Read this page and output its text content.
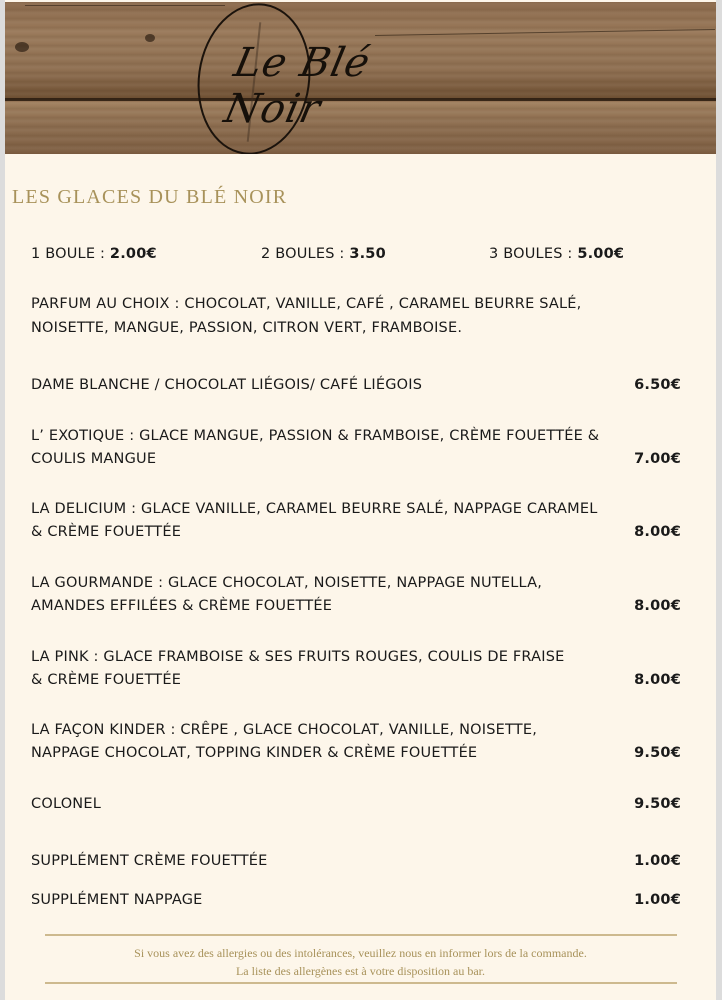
Le Blé Noir
LES GLACES DU BLÉ NOIR
1 BOULE : 2.00€	2 BOULES : 3.50	3 BOULES : 5.00€
PARFUM AU CHOIX : CHOCOLAT, VANILLE, CAFÉ , CARAMEL BEURRE SALÉ,
NOISETTE, MANGUE, PASSION, CITRON VERT, FRAMBOISE.
DAME BLANCHE / CHOCOLAT LIÉGOIS/ CAFÉ LIÉGOIS	6.50€
L’ EXOTIQUE : GLACE MANGUE, PASSION & FRAMBOISE, CRÈME FOUETTÉE &
COULIS MANGUE	7.00€
LA DELICIUM : GLACE VANILLE, CARAMEL BEURRE SALÉ, NAPPAGE CARAMEL
& CRÈME FOUETTÉE	8.00€
LA GOURMANDE : GLACE CHOCOLAT, NOISETTE, NAPPAGE NUTELLA,
AMANDES EFFILÉES & CRÈME FOUETTÉE	8.00€
LA PINK : GLACE FRAMBOISE & SES FRUITS ROUGES, COULIS DE FRAISE
& CRÈME FOUETTÉE	8.00€
LA FAÇON KINDER : CRÊPE , GLACE CHOCOLAT, VANILLE, NOISETTE,
NAPPAGE CHOCOLAT, TOPPING KINDER & CRÈME FOUETTÉE	9.50€
COLONEL	9.50€
SUPPLÉMENT CRÈME FOUETTÉE	1.00€
SUPPLÉMENT NAPPAGE	1.00€
Si vous avez des allergies ou des intolérances, veuillez nous en informer lors de la commande.
La liste des allergènes est à votre disposition au bar.
